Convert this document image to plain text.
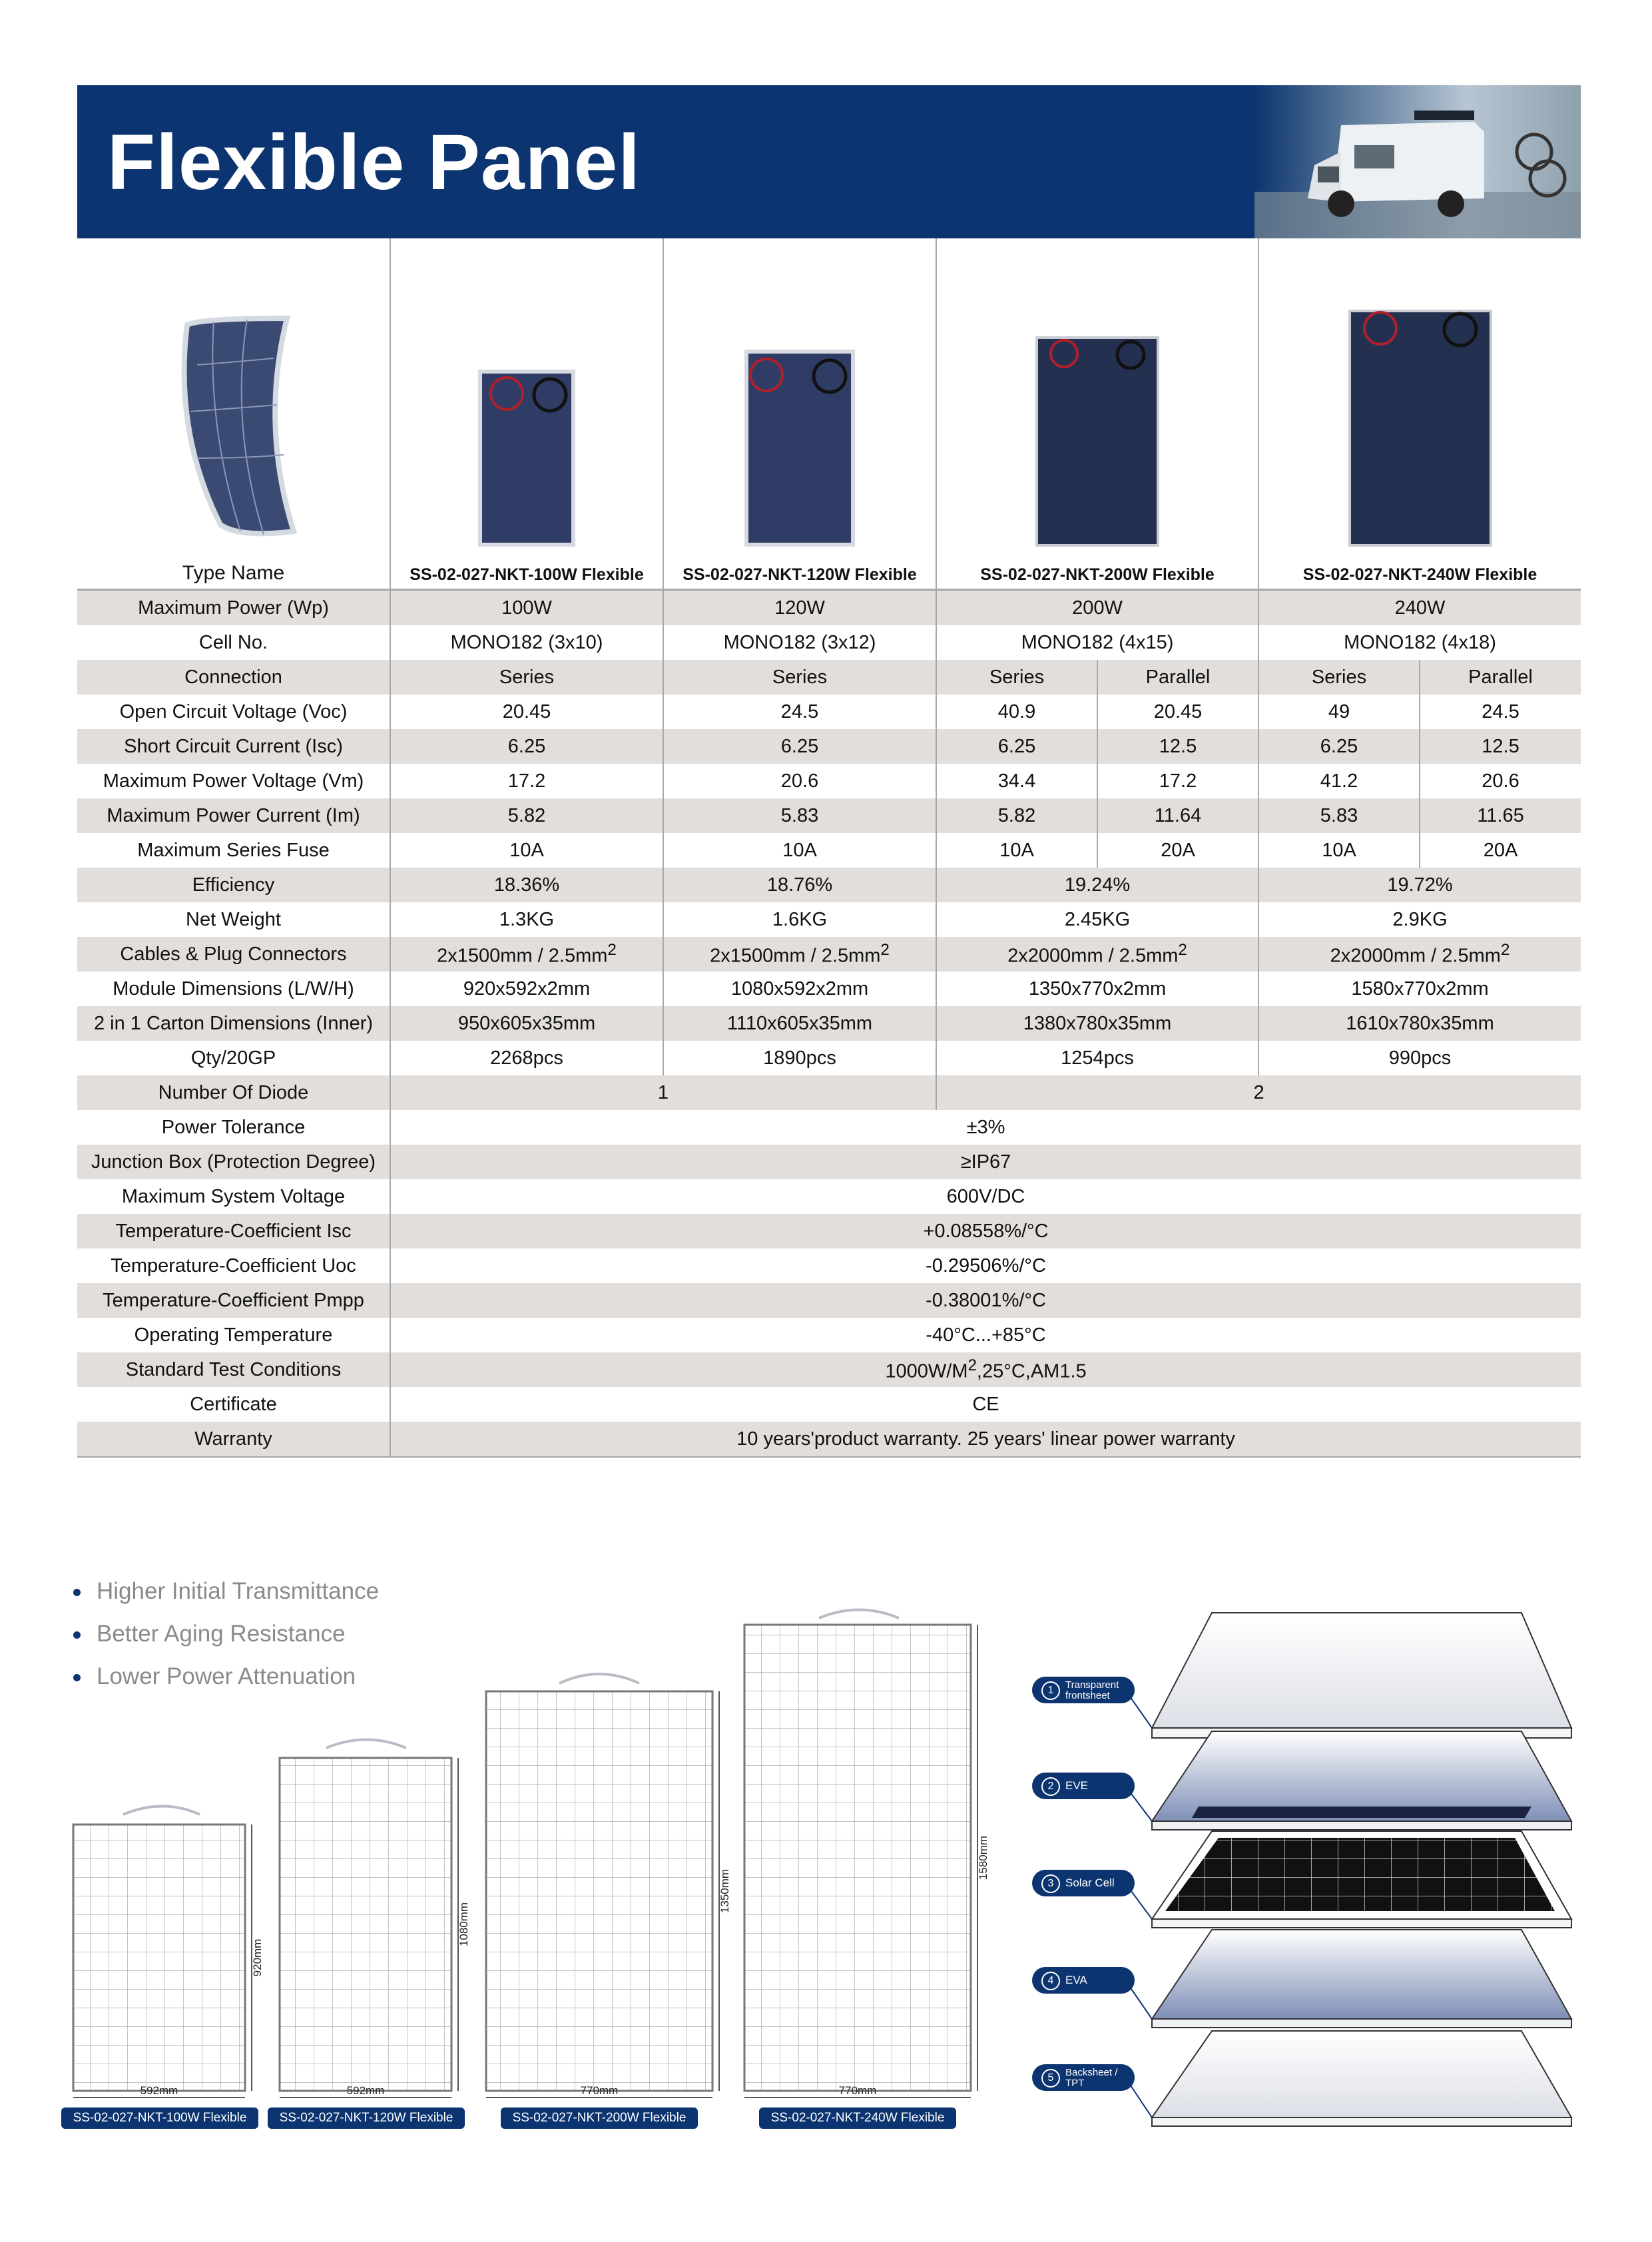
Flexible Panel
Type Name	SS-02-027-NKT-100W Flexible	SS-02-027-NKT-120W Flexible	SS-02-027-NKT-200W Flexible		SS-02-027-NKT-240W Flexible	

Maximum Power (Wp)	100W	120W	200W		240W	
Cell No.	MONO182 (3x10)	MONO182 (3x12)	MONO182 (4x15)		MONO182 (4x18)	
Connection	Series	Series	Series	Parallel	Series	Parallel
Open Circuit Voltage (Voc)	20.45	24.5	40.9	20.45	49	24.5
Short Circuit Current (Isc)	6.25	6.25	6.25	12.5	6.25	12.5
Maximum Power Voltage (Vm)	17.2	20.6	34.4	17.2	41.2	20.6
Maximum Power Current (Im)	5.82	5.83	5.82	11.64	5.83	11.65
Maximum Series Fuse	10A	10A	10A	20A	10A	20A
Efficiency	18.36%	18.76%	19.24%		19.72%	
Net Weight	1.3KG	1.6KG	2.45KG		2.9KG	
Cables & Plug Connectors	$2x1500mm / 2.5mm^2$	$2x1500mm / 2.5mm^2$	$2x2000mm / 2.5mm^2$		$2x2000mm / 2.5mm^2$
Module Dimensions (L/W/H)	920x592x2mm	1080x592x2mm	1350x770x2mm		1580x770x2mm	
2 in 1 Carton Dimensions (Inner)	950x605x35mm	1110x605x35mm	1380x780x35mm		1610x780x35mm	
Qty/20GP	2268pcs	1890pcs	1254pcs		990pcs	
Number Of Diode	1		2			
Power Tolerance	±3%					
Junction Box (Protection Degree)	≥IP67					
Maximum System Voltage	600V/DC					
Temperature-Coefficient Isc	+0.08558%/°C					
Temperature-Coefficient Uoc	-0.29506%/°C					
Temperature-Coefficient Pmpp	-0.38001%/°C					
Operating Temperature	-40°C...+85°C					
Standard Test Conditions	$1000W/M^2,25^\circ C,AM1.5$					
Certificate	CE					
Warranty	10 years'product warranty. 25 years' linear power warranty					
Higher Initial Transmittance
Better Aging Resistance
Lower Power Attenuation
592mm	592mm	770mm	770mm
920mm
1080mm
1350mm
1580mm
SS-02-027-NKT-100W Flexible	SS-02-027-NKT-120W Flexible	SS-02-027-NKT-200W Flexible	SS-02-027-NKT-240W Flexible
1 Transparent frontsheet
2 EVE
3 Solar Cell
4 EVA
5 Backsheet / TPT
